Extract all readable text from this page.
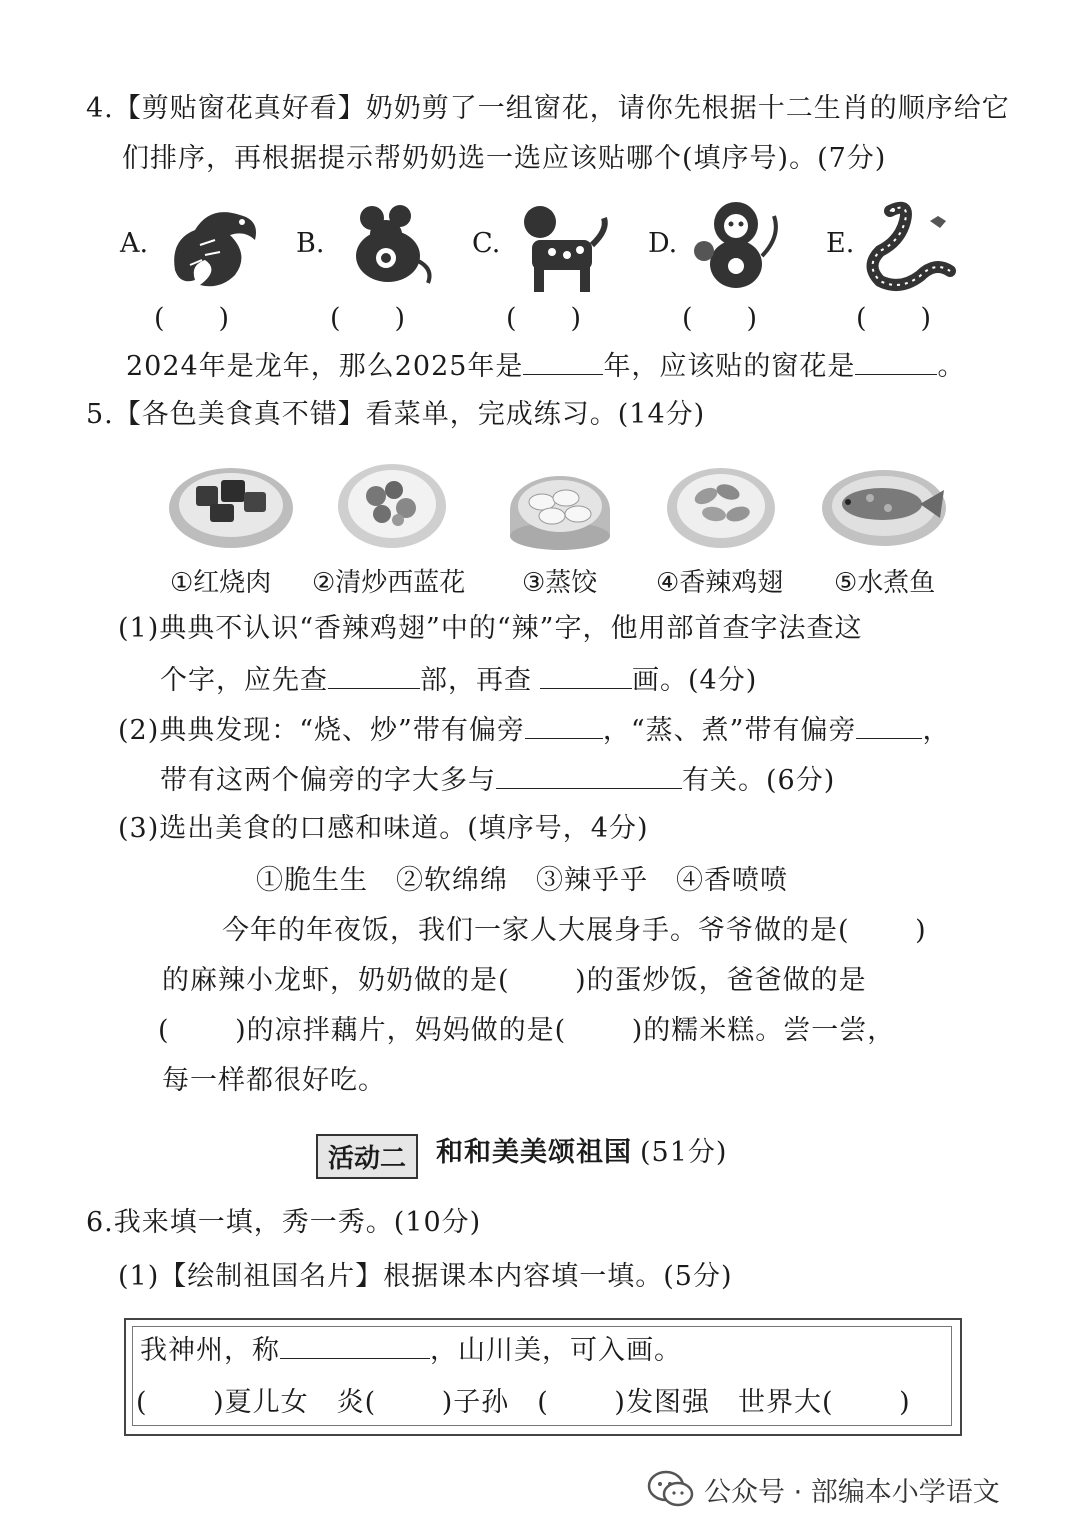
4.【剪贴窗花真好看】奶奶剪了一组窗花，请你先根据十二生肖的顺序给它
们排序，再根据提示帮奶奶选一选应该贴哪个(填序号)。(7分)
A.	B.	C.	D.	E.
(　　)	(　　)	(　　)	(　　)	(　　)
2024年是龙年，那么2025年是	年，应该贴的窗花是	。
5.【各色美食真不错】看菜单，完成练习。(14分)
①红烧肉 ②清炒西蓝花 ③蒸饺 ④香辣鸡翅 ⑤水煮鱼
(1)典典不认识“香辣鸡翅”中的“辣”字，他用部首查字法查这
个字，应先查	部，再查	画。(4分)
(2)典典发现：“烧、炒”带有偏旁	，“蒸、煮”带有偏旁 ，
带有这两个偏旁的字大多与	有关。(6分)
(3)选出美食的口感和味道。(填序号，4分)
①脆生生　②软绵绵　③辣乎乎　④香喷喷
今年的年夜饭，我们一家人大展身手。爷爷做的是(　　 )
的麻辣小龙虾，奶奶做的是(　　 )的蛋炒饭，爸爸做的是
(　　 )的凉拌藕片，妈妈做的是(　　 )的糯米糕。尝一尝，
每一样都很好吃。
活动二	和和美美颂祖国 (51分)
6.我来填一填，秀一秀。(10分)
(1)【绘制祖国名片】根据课本内容填一填。(5分)
我神州，称	，山川美，可入画。
(　　 )夏儿女　炎(　　 )子孙　(　　 )发图强　世界大(　　 )
公众号 · 部编本小学语文
